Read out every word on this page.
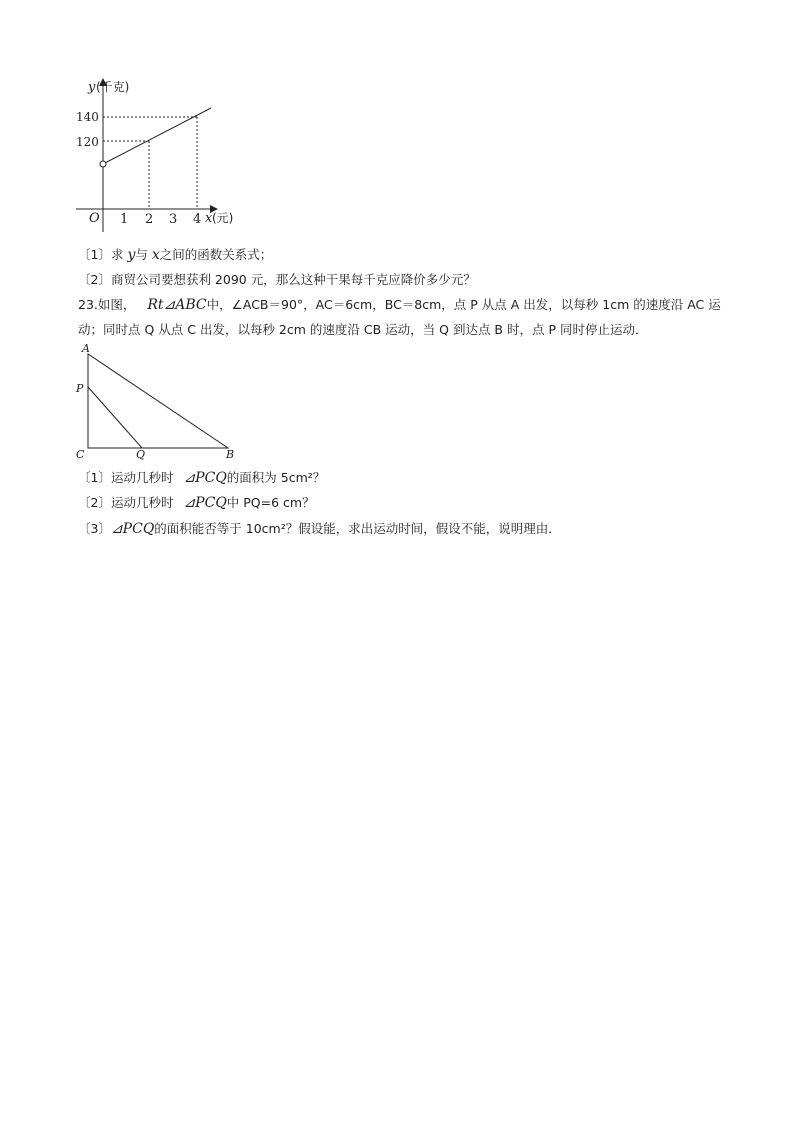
y (千克)
140
120
O 1 2 3 4 x (元)
〔1〕求 y与 x之间的函数关系式；
〔2〕商贸公司要想获利 2090 元，那么这种干果每千克应降价多少元？
23.如图， Rt⊿ABC中，∠ACB＝90°，AC＝6cm，BC＝8cm，点 P 从点 A 出发，以每秒 1cm 的速度沿 AC 运
动；同时点 Q 从点 C 出发，以每秒 2cm 的速度沿 CB 运动，当 Q 到达点 B 时，点 P 同时停止运动．
A
P
C	Q	B
〔1〕运动几秒时 ⊿PCQ的面积为 5cm²？
〔2〕运动几秒时 ⊿PCQ中 PQ=6 cm？
〔3〕⊿PCQ的面积能否等于 10cm²？假设能，求出运动时间，假设不能，说明理由．
